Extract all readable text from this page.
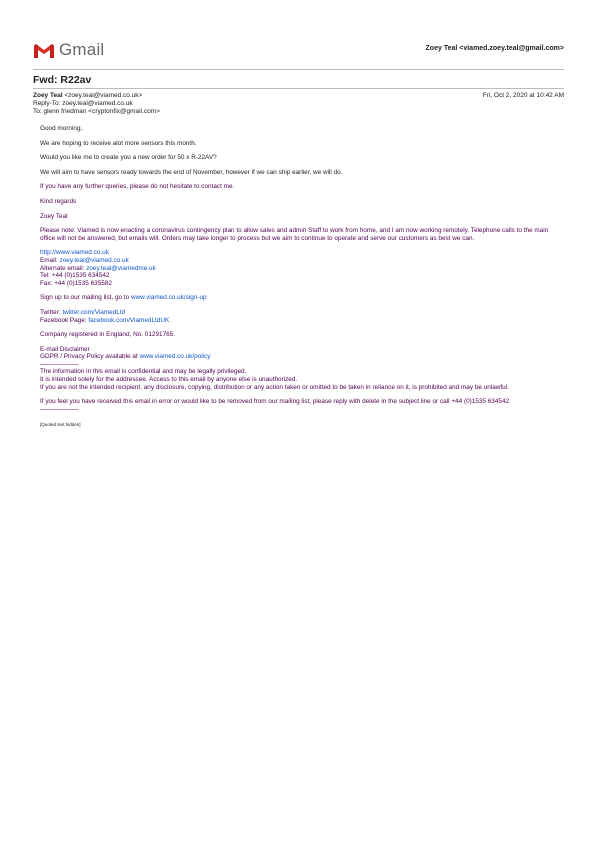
Gmail	Zoey Teal <viamed.zoey.teal@gmail.com>
Fwd: R22av
Zoey Teal <zoey.teal@viamed.co.uk>	Fri, Oct 2, 2020 at 10:42 AM
Reply-To: zoey.teal@viamed.co.uk
To: glenn friedman <cryptonfix@gmail.com>

Good morning,

We are hoping to receive alot more sensors this month.

Would you like me to create you a new order for 50 x R-22AV?

We will aim to have sensors ready towards the end of November, however if we can ship earlier, we will do.

If you have any further queries, please do not hesitate to contact me.

Kind regards

Zoey Teal

Please note: Viamed is now enacting a coronavirus contingency plan to allow sales and admin Staff to work from home, and I am now working remotely. Telephone calls to the main office will not be answered, but emails will. Orders may take longer to process but we aim to continue to operate and serve our customers as best we can.

http://www.viamed.co.uk

Email: zoey.teal@viamed.co.uk

Alternate email: zoey.teal@viamedme.uk

Tel: +44 (0)1535 634542

Fax: +44 (0)1535 635582

Sign up to our mailing list, go to www.viamed.co.uk/sign-up

Twitter: twitter.com/ViamedLtd

Facebook Page: facebook.com/ViamedLtdUK

Company registered in England, No. 01291765.

E-mail Disclaimer

GDPR / Privacy Policy available at www.viamed.co.uk/policy

——————

The information in this email is confidential and may be legally privileged.

It is intended solely for the addressee. Access to this email by anyone else is unauthorized.

If you are not the intended recipient, any disclosure, copying, distribution or any action taken or omitted to be taken in reliance on it, is prohibited and may be unlawful.

If you feel you have received this email in error or would like to be removed from our mailing list, please reply with delete in the subject line or call +44 (0)1535 634542

——————

[Quoted text hidden]
